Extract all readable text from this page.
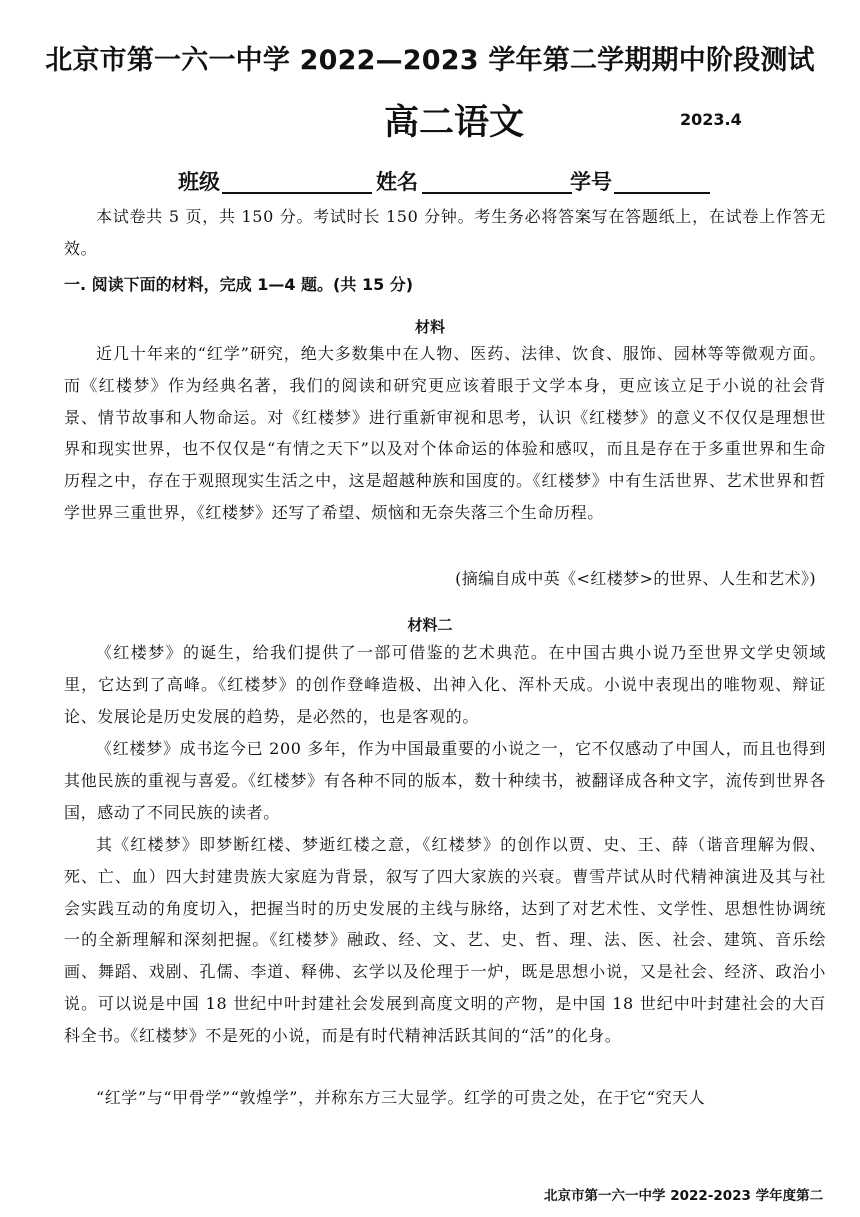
北京市第一六一中学 2022—2023 学年第二学期期中阶段测试
高二语文	2023.4
班级	姓名	学号
本试卷共 5 页，共 150 分。考试时长 150 分钟。考生务必将答案写在答题纸上，在试卷上作答无效。
一. 阅读下面的材料，完成 1—4 题。(共 15 分)
材料
近几十年来的“红学”研究，绝大多数集中在人物、医药、法律、饮食、服饰、园林等等微观方面。而《红楼梦》作为经典名著，我们的阅读和研究更应该着眼于文学本身，更应该立足于小说的社会背景、情节故事和人物命运。对《红楼梦》进行重新审视和思考，认识《红楼梦》的意义不仅仅是理想世界和现实世界，也不仅仅是“有情之天下”以及对个体命运的体验和感叹，而且是存在于多重世界和生命历程之中，存在于观照现实生活之中，这是超越种族和国度的。《红楼梦》中有生活世界、艺术世界和哲学世界三重世界，《红楼梦》还写了希望、烦恼和无奈失落三个生命历程。
(摘编自成中英《<红楼梦>的世界、人生和艺术》)
材料二
《红楼梦》的诞生，给我们提供了一部可借鉴的艺术典范。在中国古典小说乃至世界文学史领域里，它达到了高峰。《红楼梦》的创作登峰造极、出神入化、浑朴天成。小说中表现出的唯物观、辩证论、发展论是历史发展的趋势，是必然的，也是客观的。
《红楼梦》成书迄今已 200 多年，作为中国最重要的小说之一，它不仅感动了中国人，而且也得到其他民族的重视与喜爱。《红楼梦》有各种不同的版本，数十种续书，被翻译成各种文字，流传到世界各国，感动了不同民族的读者。
其《红楼梦》即梦断红楼、梦逝红楼之意，《红楼梦》的创作以贾、史、王、薛（谐音理解为假、死、亡、血）四大封建贵族大家庭为背景，叙写了四大家族的兴衰。曹雪芹试从时代精神演进及其与社会实践互动的角度切入，把握当时的历史发展的主线与脉络，达到了对艺术性、文学性、思想性协调统一的全新理解和深刻把握。《红楼梦》融政、经、文、艺、史、哲、理、法、医、社会、建筑、音乐绘画、舞蹈、戏剧、孔儒、李道、释佛、玄学以及伦理于一炉，既是思想小说，又是社会、经济、政治小说。可以说是中国 18 世纪中叶封建社会发展到高度文明的产物，是中国 18 世纪中叶封建社会的大百科全书。《红楼梦》不是死的小说，而是有时代精神活跃其间的“活”的化身。
“红学”与“甲骨学”“敦煌学”，并称东方三大显学。红学的可贵之处，在于它“究天人
北京市第一六一中学 2022-2023 学年度第二
